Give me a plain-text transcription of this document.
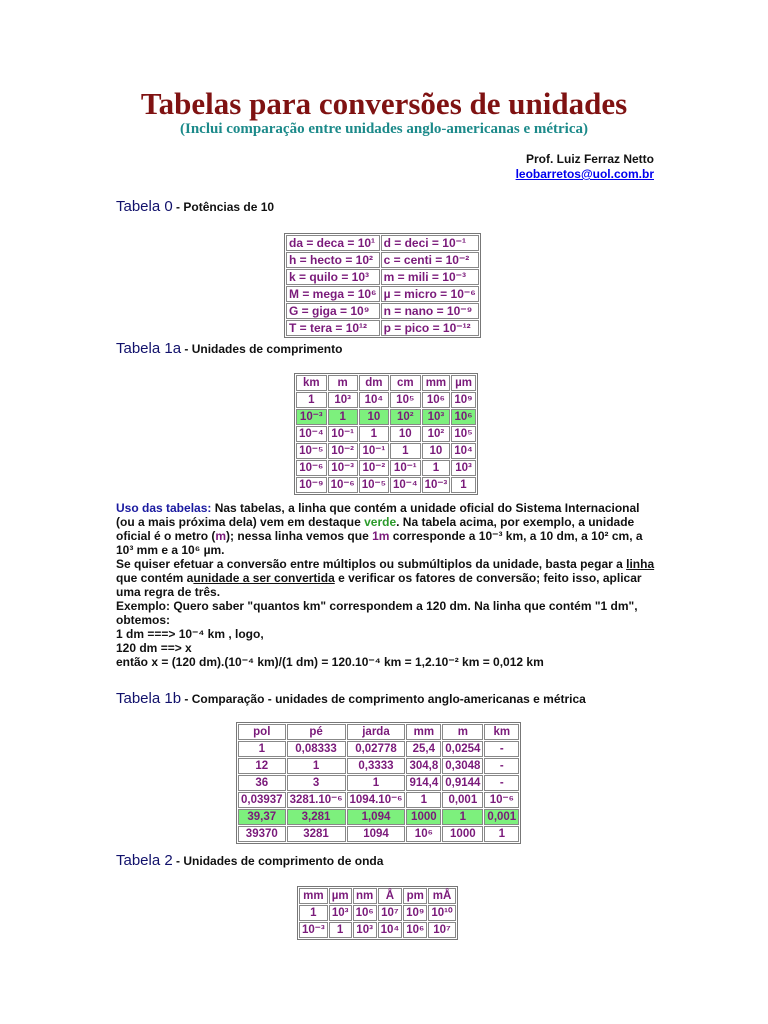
Tabelas para conversões de unidades
(Inclui comparação entre unidades anglo-americanas e métrica)
Prof. Luiz Ferraz Netto
leobarretos@uol.com.br
Tabela 0 - Potências de 10
da = deca = 10¹	d = deci = 10⁻¹
h = hecto = 10²	c = centi = 10⁻²
k = quilo = 10³	m = mili = 10⁻³
M = mega = 10⁶	µ = micro = 10⁻⁶
G = giga = 10⁹	n = nano = 10⁻⁹
T = tera = 10¹²	p = pico = 10⁻¹²
Tabela 1a - Unidades de comprimento
km	m	dm	cm	mm	µm
1	10³	10⁴	10⁵	10⁶	10⁹
10⁻³	1	10	10²	10³	10⁶
10⁻⁴	10⁻¹	1	10	10²	10⁵
10⁻⁵	10⁻²	10⁻¹	1	10	10⁴
10⁻⁶	10⁻³	10⁻²	10⁻¹	1	10³
10⁻⁹	10⁻⁶	10⁻⁵	10⁻⁴	10⁻³	1
Uso das tabelas: Nas tabelas, a linha que contém a unidade oficial do Sistema Internacional (ou a mais próxima dela) vem em destaque verde. Na tabela acima, por exemplo, a unidade oficial é o metro (m); nessa linha vemos que 1m corresponde a 10⁻³ km, a 10 dm, a 10² cm, a 10³ mm e a 10⁶ µm.
Se quiser efetuar a conversão entre múltiplos ou submúltiplos da unidade, basta pegar a linha que contém aunidade a ser convertida e verificar os fatores de conversão; feito isso, aplicar uma regra de três.
Exemplo: Quero saber "quantos km" correspondem a 120 dm. Na linha que contém "1 dm", obtemos:
1 dm ===> 10⁻⁴ km , logo,
120 dm ==> x
então x = (120 dm).(10⁻⁴ km)/(1 dm) = 120.10⁻⁴ km = 1,2.10⁻² km = 0,012 km
Tabela 1b - Comparação - unidades de comprimento anglo-americanas e métrica
pol	pé	jarda	mm	m	km
1	0,08333	0,02778	25,4	0,0254	-
12	1	0,3333	304,8	0,3048	-
36	3	1	914,4	0,9144	-
0,03937	3281.10⁻⁶	1094.10⁻⁶	1	0,001	10⁻⁶
39,37	3,281	1,094	1000	1	0,001
39370	3281	1094	10⁶	1000	1
Tabela 2 - Unidades de comprimento de onda
mm	µm	nm	Å	pm	mÅ
1	10³	10⁶	10⁷	10⁹	10¹⁰
10⁻³	1	10³	10⁴	10⁶	10⁷
